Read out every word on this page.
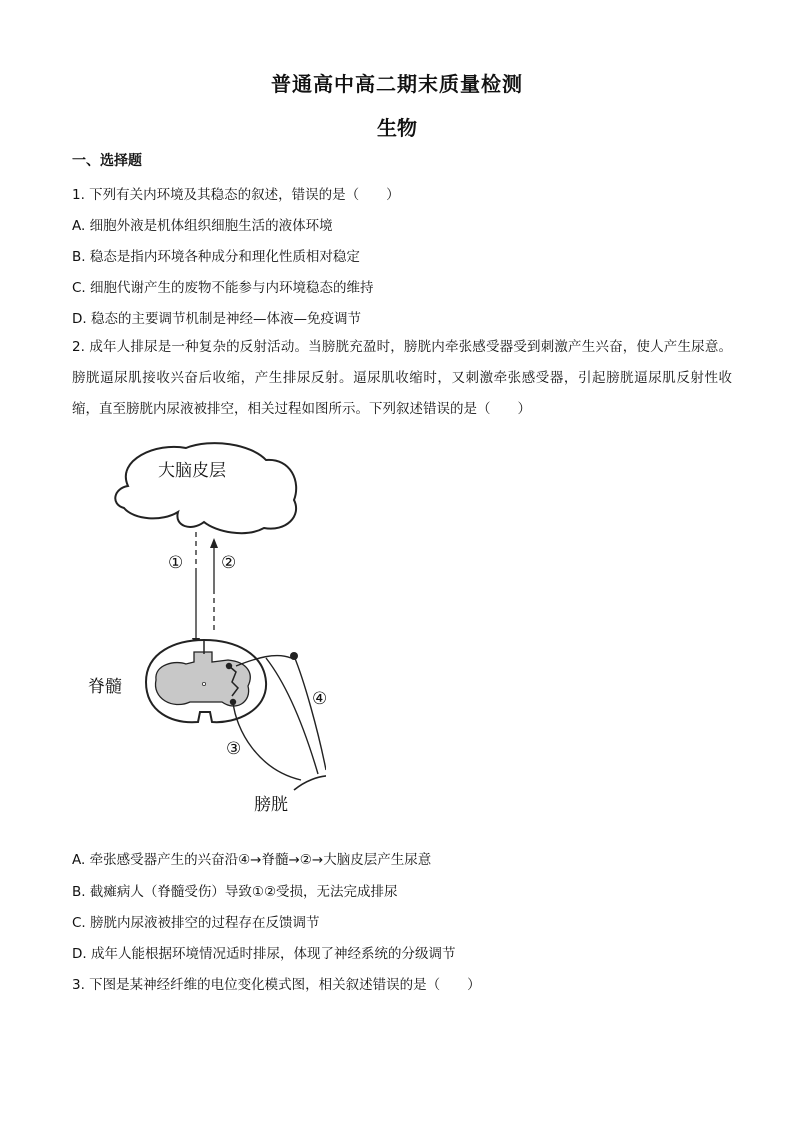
普通高中高二期末质量检测
生物
一、选择题
1. 下列有关内环境及其稳态的叙述，错误的是（　　）
A. 细胞外液是机体组织细胞生活的液体环境
B. 稳态是指内环境各种成分和理化性质相对稳定
C. 细胞代谢产生的废物不能参与内环境稳态的维持
D. 稳态的主要调节机制是神经—体液—免疫调节
2. 成年人排尿是一种复杂的反射活动。当膀胱充盈时，膀胱内牵张感受器受到刺激产生兴奋，使人产生尿意。膀胱逼尿肌接收兴奋后收缩，产生排尿反射。逼尿肌收缩时，又刺激牵张感受器，引起膀胱逼尿肌反射性收缩，直至膀胱内尿液被排空，相关过程如图所示。下列叙述错误的是（　　）
大脑皮层
① ②
脊髓
④
③
膀胱
A. 牵张感受器产生的兴奋沿④→脊髓→②→大脑皮层产生尿意
B. 截瘫病人（脊髓受伤）导致①②受损，无法完成排尿
C. 膀胱内尿液被排空的过程存在反馈调节
D. 成年人能根据环境情况适时排尿，体现了神经系统的分级调节
3. 下图是某神经纤维的电位变化模式图，相关叙述错误的是（　　）
